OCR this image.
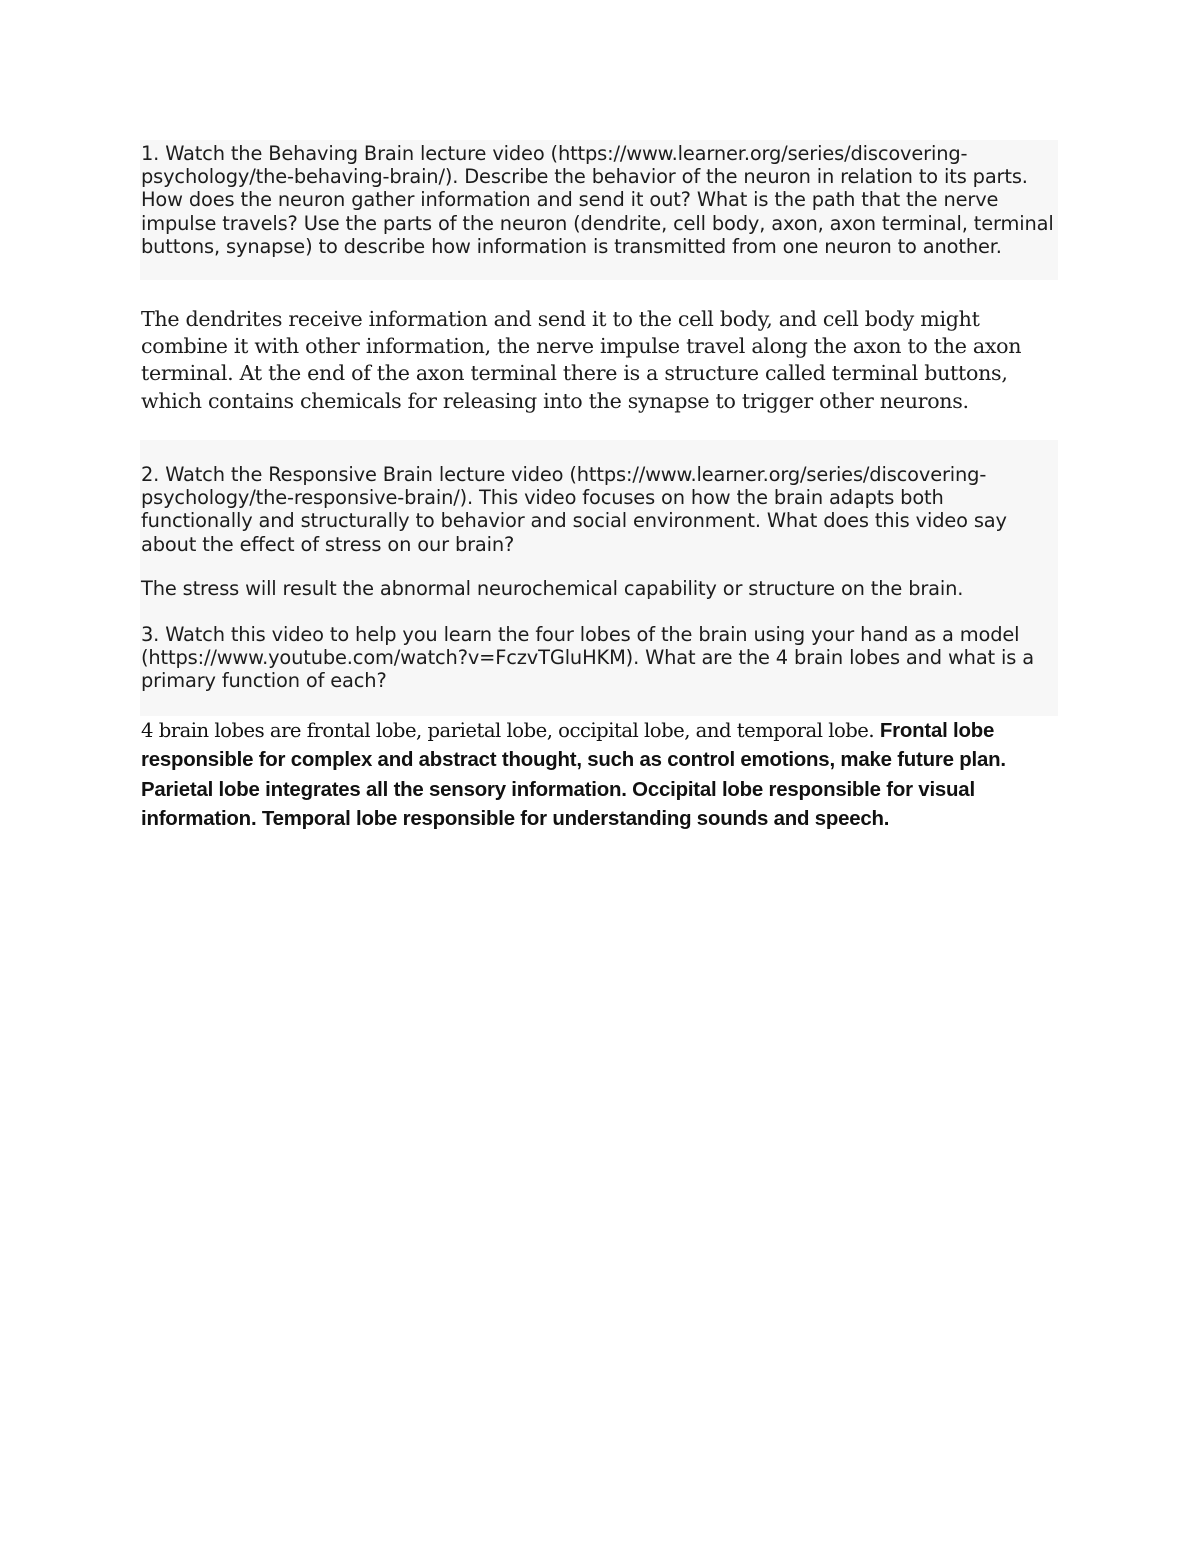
1. Watch the Behaving Brain lecture video (https://www.learner.org/series/discovering-psychology/the-behaving-brain/). Describe the behavior of the neuron in relation to its parts. How does the neuron gather information and send it out? What is the path that the nerve impulse travels? Use the parts of the neuron (dendrite, cell body, axon, axon terminal, terminal buttons, synapse) to describe how information is transmitted from one neuron to another.

The dendrites receive information and send it to the cell body, and cell body might combine it with other information, the nerve impulse travel along the axon to the axon terminal. At the end of the axon terminal there is a structure called terminal buttons, which contains chemicals for releasing into the synapse to trigger other neurons.

2. Watch the Responsive Brain lecture video (https://www.learner.org/series/discovering-psychology/the-responsive-brain/). This video focuses on how the brain adapts both functionally and structurally to behavior and social environment. What does this video say about the effect of stress on our brain?

The stress will result the abnormal neurochemical capability or structure on the brain.

3. Watch this video to help you learn the four lobes of the brain using your hand as a model (https://www.youtube.com/watch?v=FczvTGluHKM). What are the 4 brain lobes and what is a primary function of each?

4 brain lobes are frontal lobe, parietal lobe, occipital lobe, and temporal lobe. Frontal lobe responsible for complex and abstract thought, such as control emotions, make future plan. Parietal lobe integrates all the sensory information. Occipital lobe responsible for visual information. Temporal lobe responsible for understanding sounds and speech.
